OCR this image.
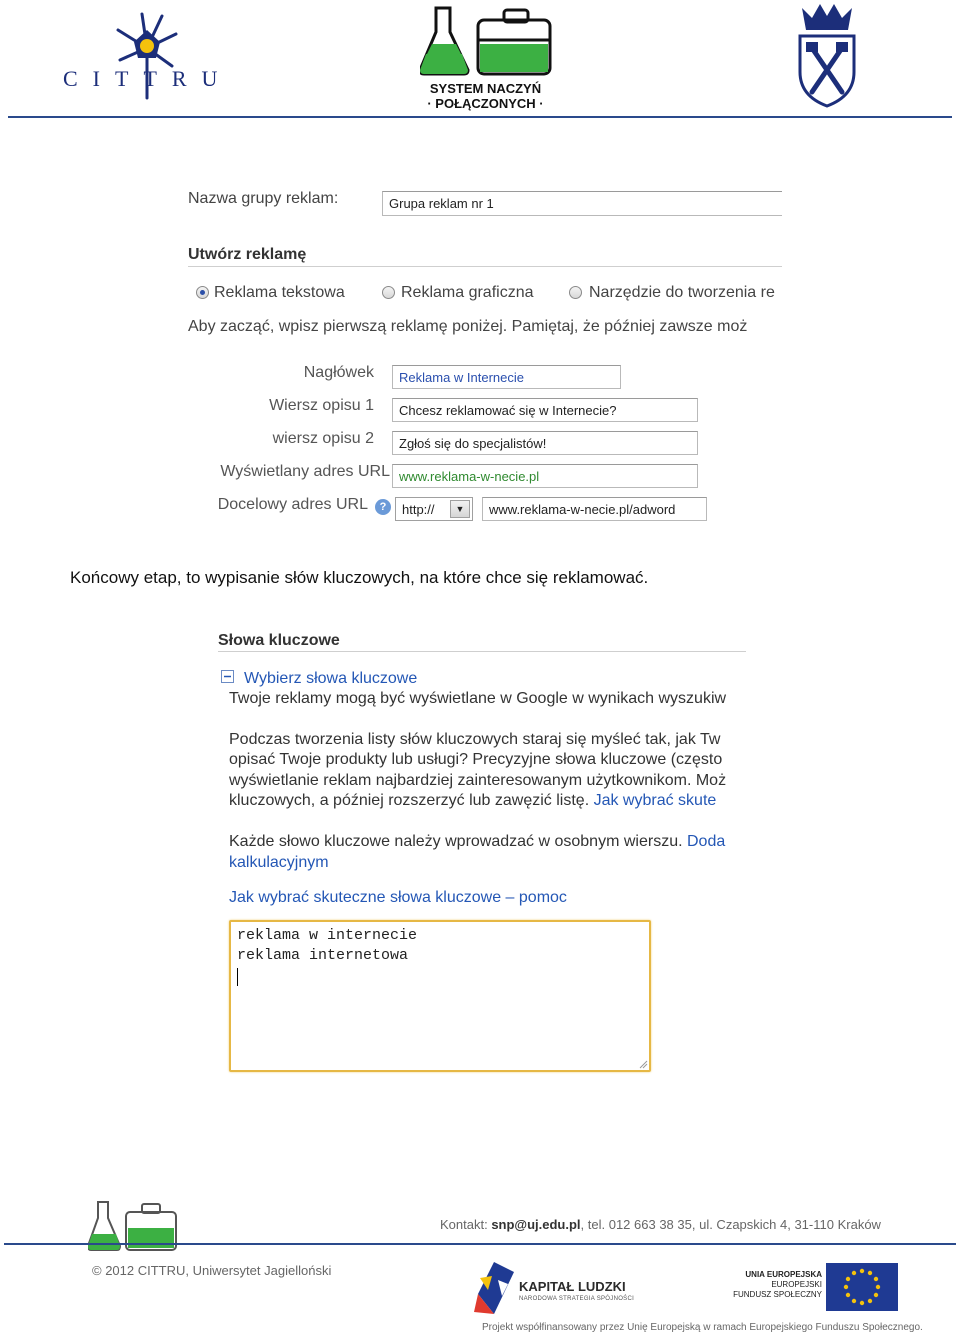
CITTRU	SYSTEM NACZYŃ
· POŁĄCZONYCH ·
Nazwa grupy reklam:	Grupa reklam nr 1
Utwórz reklamę
Reklama tekstowa	Reklama graficzna	Narzędzie do tworzenia re
Aby zacząć, wpisz pierwszą reklamę poniżej. Pamiętaj, że później zawsze moż
Nagłówek	Reklama w Internecie
Wiersz opisu 1	Chcesz reklamować się w Internecie?
wiersz opisu 2	Zgłoś się do specjalistów!
Wyświetlany adres URL www.reklama-w-necie.pl
Docelowy adres URL	?	http://	▼	www.reklama-w-necie.pl/adword
Końcowy etap, to wypisanie słów kluczowych, na które chce się reklamować.
Słowa kluczowe
Wybierz słowa kluczowe
Twoje reklamy mogą być wyświetlane w Google w wynikach wyszukiw
Podczas tworzenia listy słów kluczowych staraj się myśleć tak, jak Tw
opisać Twoje produkty lub usługi? Precyzyjne słowa kluczowe (często
wyświetlanie reklam najbardziej zainteresowanym użytkownikom. Moż
kluczowych, a później rozszerzyć lub zawęzić listę. Jak wybrać skute
Każde słowo kluczowe należy wprowadzać w osobnym wierszu. Doda
kalkulacyjnym
Jak wybrać skuteczne słowa kluczowe – pomoc
reklama w internecie
reklama internetowa
Kontakt: snp@uj.edu.pl, tel. 012 663 38 35, ul. Czapskich 4, 31-110 Kraków
© 2012 CITTRU, Uniwersytet Jagielloński
KAPITAŁ LUDZKI
NARODOWA STRATEGIA SPÓJNOŚCI
UNIA EUROPEJSKA
EUROPEJSKI
FUNDUSZ SPOŁECZNY
Projekt współfinansowany przez Unię Europejską w ramach Europejskiego Funduszu Społecznego.
